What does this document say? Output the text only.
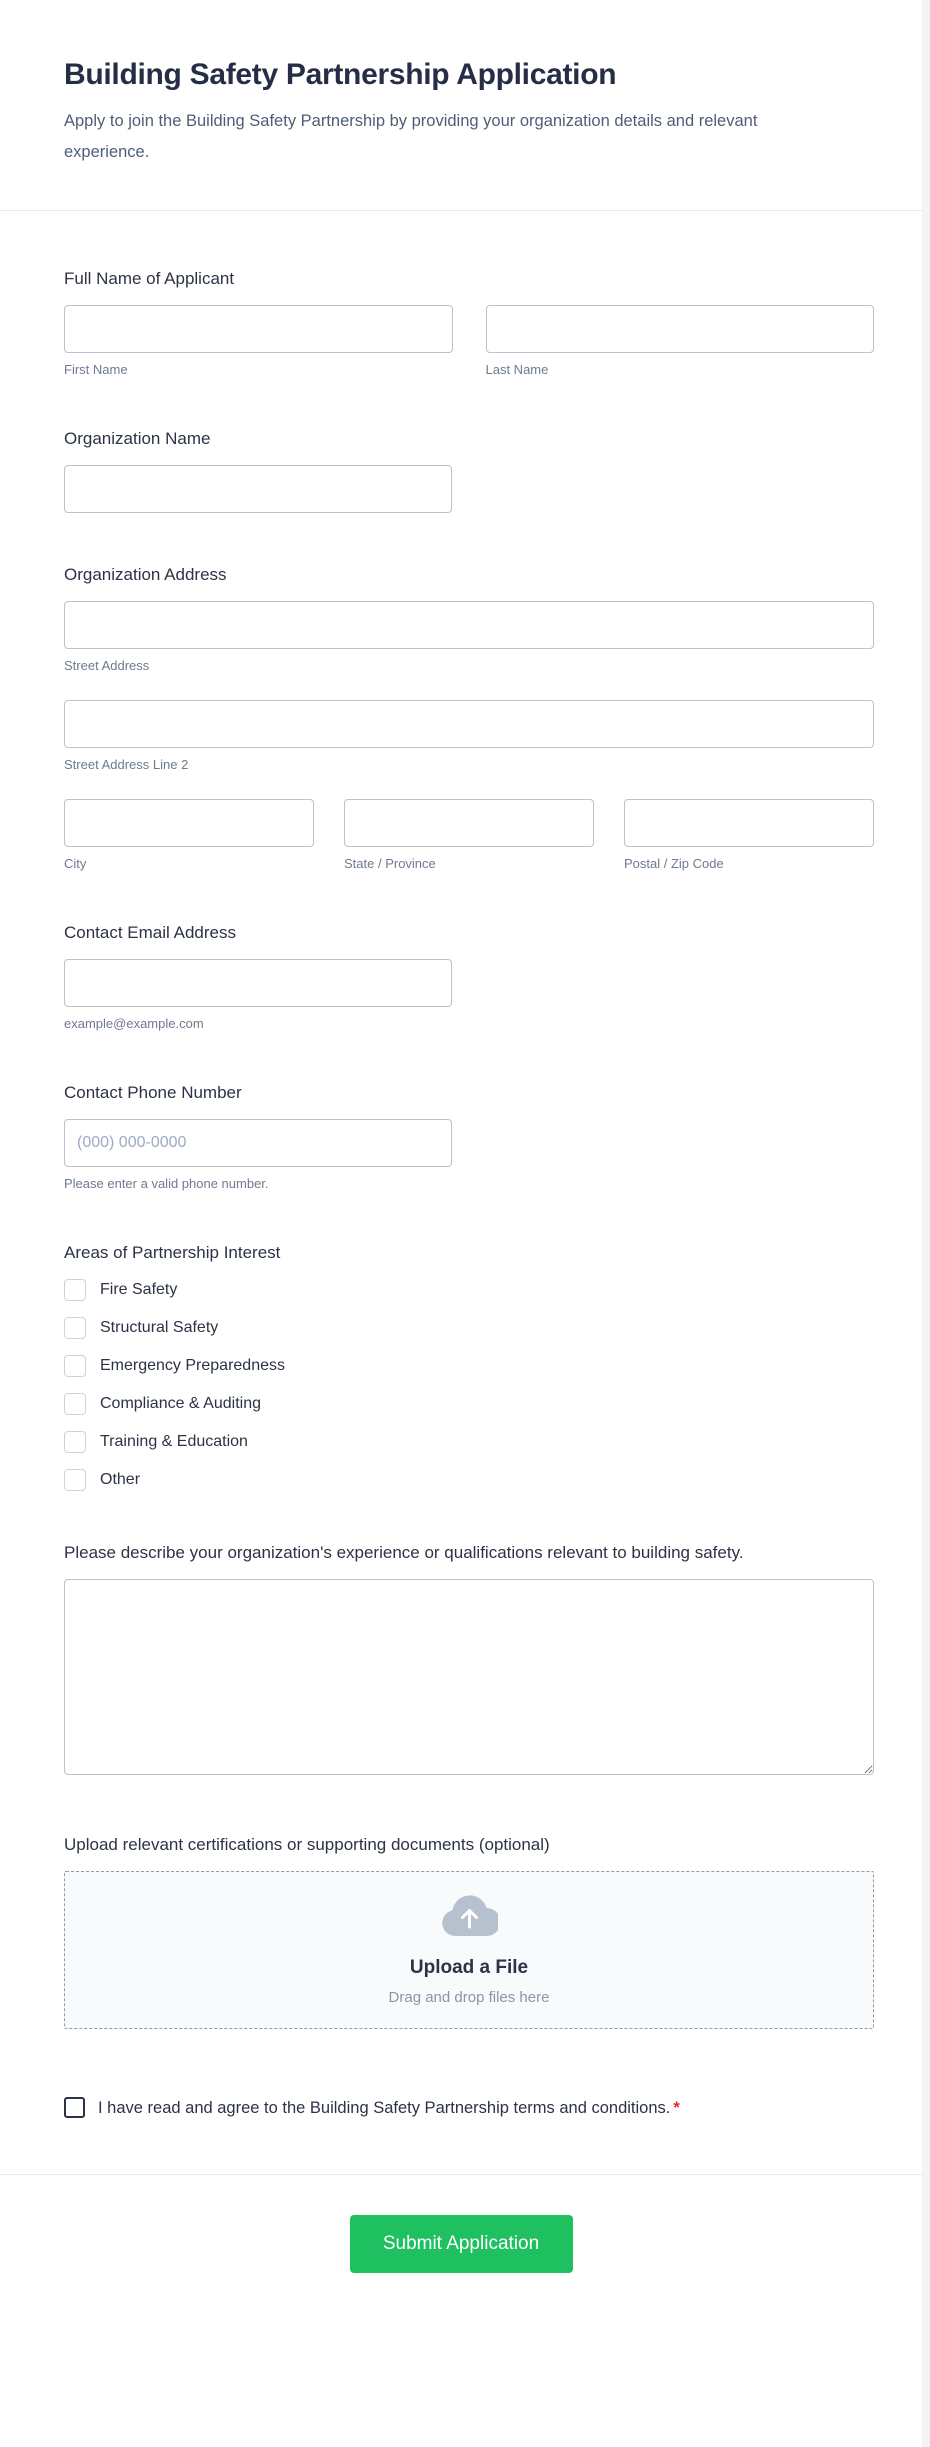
Building Safety Partnership Application
Apply to join the Building Safety Partnership by providing your organization details and relevant experience.
Full Name of Applicant
First Name	Last Name
Organization Name
Organization Address
Street Address
Street Address Line 2
City	State / Province	Postal / Zip Code
Contact Email Address
example@example.com
Contact Phone Number
(000) 000-0000
Please enter a valid phone number.
Areas of Partnership Interest
Fire Safety
Structural Safety
Emergency Preparedness
Compliance & Auditing
Training & Education
Other
Please describe your organization's experience or qualifications relevant to building safety.
Upload relevant certifications or supporting documents (optional)
Upload a File
Drag and drop files here
I have read and agree to the Building Safety Partnership terms and conditions. *
Submit Application
